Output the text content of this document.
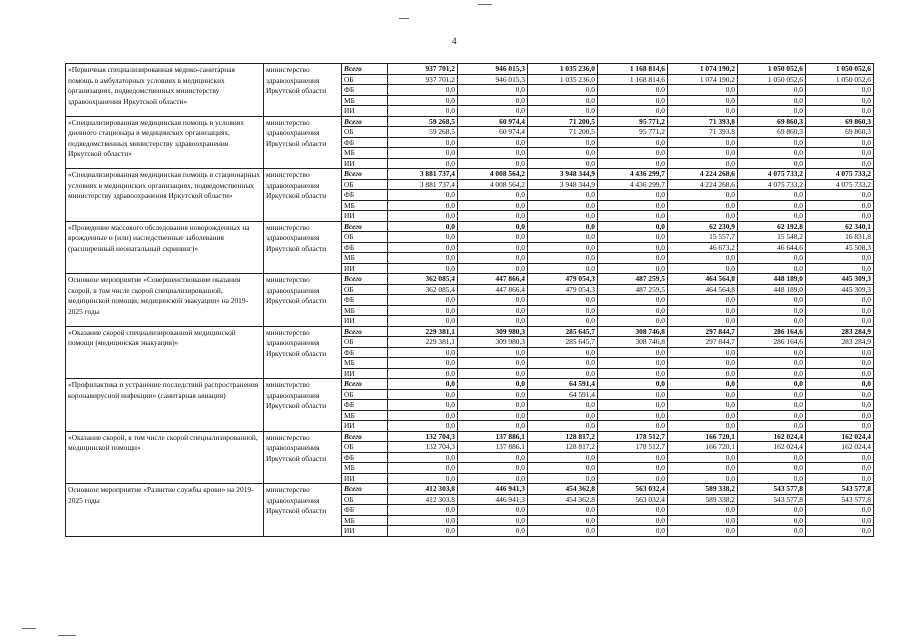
4
«Первичная специализированная медико-санитарная помощь в амбулаторных условиях в медицинских организациях, подведомственных министерству здравоохранения Иркутской области»	министерство здравоохранения Иркутской области	Всего	937 701,2	946 015,3	1 035 236,0	1 168 814,6	1 074 190,2	1 050 052,6	1 050 052,6
		ОБ	937 701,2	946 015,3	1 035 236,0	1 168 814,6	1 074 190,2	1 050 052,6	1 050 052,6
		ФБ	0,0	0,0	0,0	0,0	0,0	0,0	0,0
		МБ	0,0	0,0	0,0	0,0	0,0	0,0	0,0
		ИИ	0,0	0,0	0,0	0,0	0,0	0,0	0,0
«Специализированная медицинская помощь в условиях дневного стационара в медицинских организациях, подведомственных министерству здравоохранения Иркутской области»	министерство здравоохранения Иркутской области	Всего	59 268,5	60 974,4	71 200,5	95 771,2	71 393,8	69 860,3	69 860,3
		ОБ	59 268,5	60 974,4	71 200,5	95 771,2	71 393,8	69 860,3	69 860,3
		ФБ	0,0	0,0	0,0	0,0	0,0	0,0	0,0
		МБ	0,0	0,0	0,0	0,0	0,0	0,0	0,0
		ИИ	0,0	0,0	0,0	0,0	0,0	0,0	0,0
«Специализированная медицинская помощь в стационарных условиях в медицинских организациях, подведомственных министерству здравоохранения Иркутской области»	министерство здравоохранения Иркутской области	Всего	3 881 737,4	4 008 564,2	3 948 344,9	4 436 299,7	4 224 268,6	4 075 733,2	4 075 733,2
		ОБ	3 881 737,4	4 008 564,2	3 948 344,9	4 436 299,7	4 224 268,6	4 075 733,2	4 075 733,2
		ФБ	0,0	0,0	0,0	0,0	0,0	0,0	0,0
		МБ	0,0	0,0	0,0	0,0	0,0	0,0	0,0
		ИИ	0,0	0,0	0,0	0,0	0,0	0,0	0,0
«Проведение массового обследования новорожденных на врожденные и (или) наследственные заболевания (расширенный неонатальный скрининг)»	министерство здравоохранения Иркутской области	Всего	0,0	0,0	0,0	0,0	62 230,9	62 192,8	62 340,1
		ОБ	0,0	0,0	0,0	0,0	15 557,7	15 548,2	16 831,8
		ФБ	0,0	0,0	0,0	0,0	46 673,2	46 644,6	45 508,3
		МБ	0,0	0,0	0,0	0,0	0,0	0,0	0,0
		ИИ	0,0	0,0	0,0	0,0	0,0	0,0	0,0
Основное мероприятие «Совершенствование оказания скорой, в том числе скорой специализированной, медицинской помощи, медицинской эвакуации» на 2019-2025 годы	министерство здравоохранения Иркутской области	Всего	362 085,4	447 866,4	479 054,3	487 259,5	464 564,8	448 189,0	445 309,3
		ОБ	362 085,4	447 866,4	479 054,3	487 259,5	464 564,8	448 189,0	445 309,3
		ФБ	0,0	0,0	0,0	0,0	0,0	0,0	0,0
		МБ	0,0	0,0	0,0	0,0	0,0	0,0	0,0
		ИИ	0,0	0,0	0,0	0,0	0,0	0,0	0,0
«Оказание скорой специализированной медицинской помощи (медицинская эвакуация)»	министерство здравоохранения Иркутской области	Всего	229 381,1	309 980,3	285 645,7	308 746,8	297 844,7	286 164,6	283 284,9
		ОБ	229 381,1	309 980,3	285 645,7	308 746,8	297 844,7	286 164,6	283 284,9
		ФБ	0,0	0,0	0,0	0,0	0,0	0,0	0,0
		МБ	0,0	0,0	0,0	0,0	0,0	0,0	0,0
		ИИ	0,0	0,0	0,0	0,0	0,0	0,0	0,0
«Профилактика и устранение последствий распространения коронавирусной инфекции» (санитарная авиация)	министерство здравоохранения Иркутской области	Всего	0,0	0,0	64 591,4	0,0	0,0	0,0	0,0
		ОБ	0,0	0,0	64 591,4	0,0	0,0	0,0	0,0
		ФБ	0,0	0,0	0,0	0,0	0,0	0,0	0,0
		МБ	0,0	0,0	0,0	0,0	0,0	0,0	0,0
		ИИ	0,0	0,0	0,0	0,0	0,0	0,0	0,0
«Оказание скорой, в том числе скорой специализированной, медицинской помощи»	министерство здравоохранения Иркутской области	Всего	132 704,3	137 886,1	128 817,2	178 512,7	166 720,1	162 024,4	162 024,4
		ОБ	132 704,3	137 886,1	128 817,2	178 512,7	166 720,1	162 024,4	162 024,4
		ФБ	0,0	0,0	0,0	0,0	0,0	0,0	0,0
		МБ	0,0	0,0	0,0	0,0	0,0	0,0	0,0
		ИИ	0,0	0,0	0,0	0,0	0,0	0,0	0,0
Основное мероприятие «Развитие службы крови» на 2019-2025 годы	министерство здравоохранения Иркутской области	Всего	412 303,8	446 941,3	454 362,8	563 032,4	589 338,2	543 577,8	543 577,8
		ОБ	412 303,8	446 941,3	454 362,8	563 032,4	589 338,2	543 577,8	543 577,8
		ФБ	0,0	0,0	0,0	0,0	0,0	0,0	0,0
		МБ	0,0	0,0	0,0	0,0	0,0	0,0	0,0
		ИИ	0,0	0,0	0,0	0,0	0,0	0,0	0,0
